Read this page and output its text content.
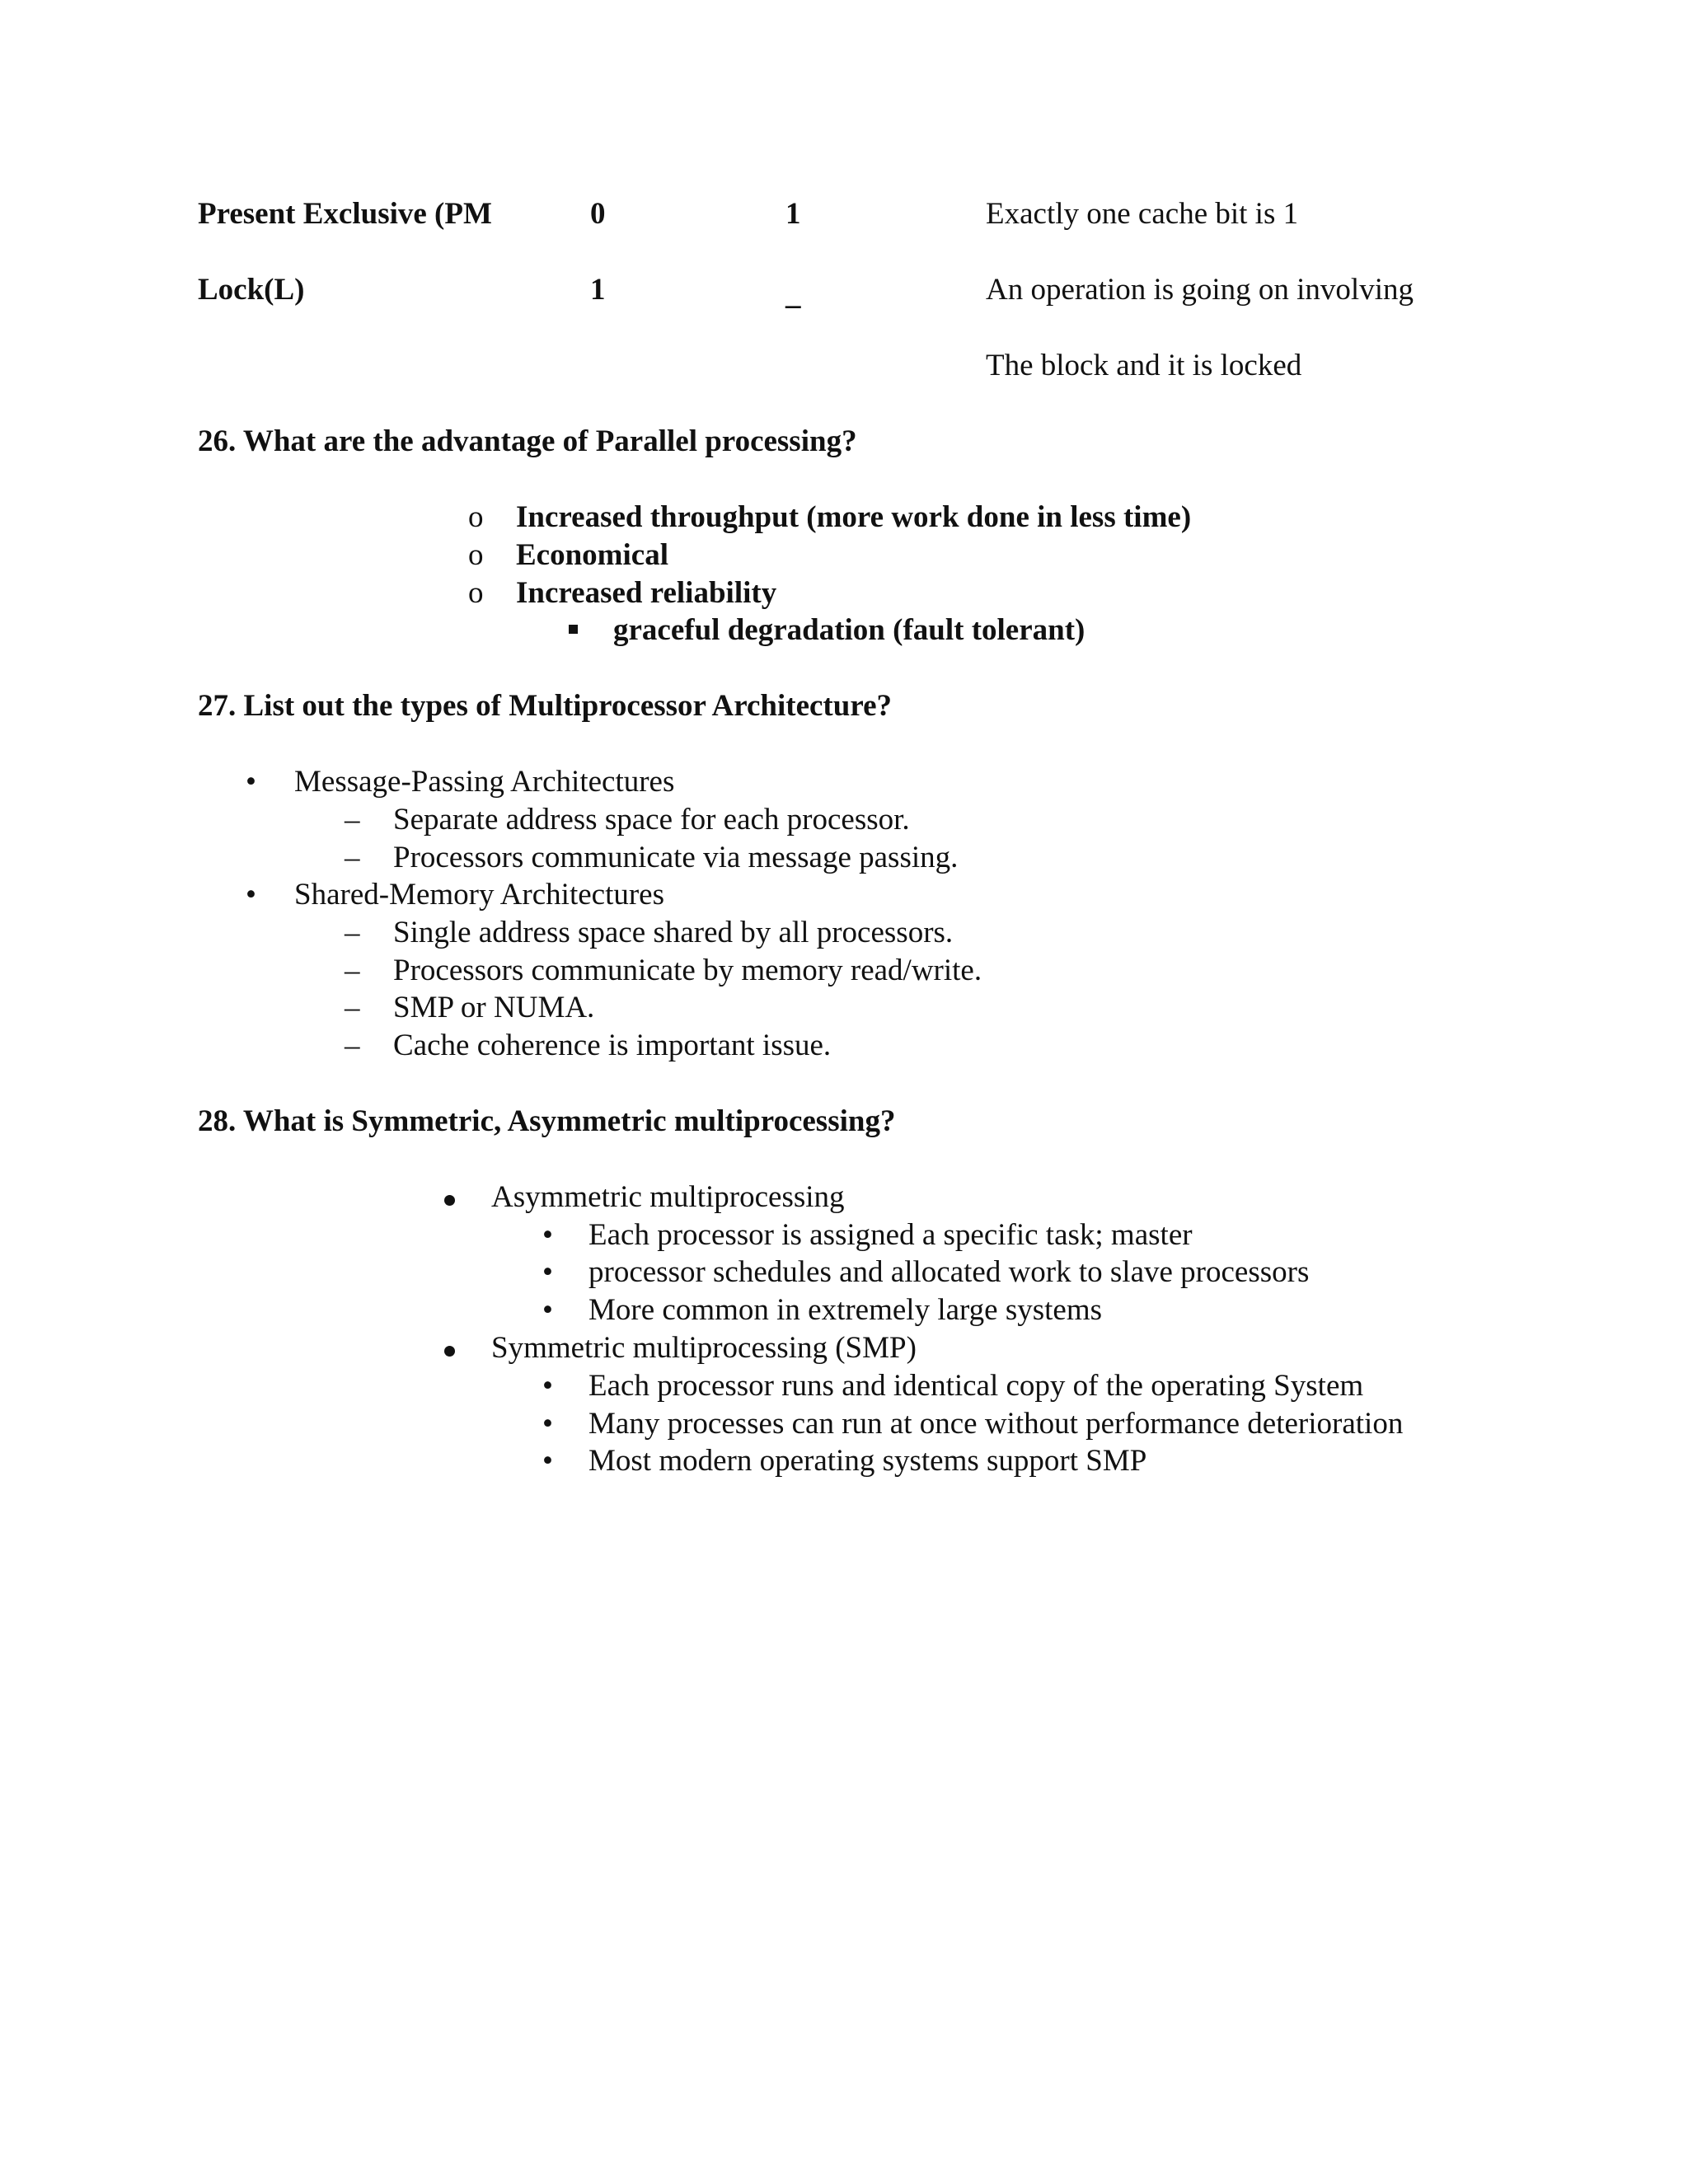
Present Exclusive (PM	0	1	Exactly one cache bit is 1
Lock(L)	1	_	An operation is going on involving
The block and it is locked
26. What are the advantage of Parallel processing?
o Increased throughput (more work done in less time)
o Economical
o Increased reliability
graceful degradation (fault tolerant)
27. List out the types of Multiprocessor Architecture?
• Message-Passing Architectures
– Separate address space for each processor.
– Processors communicate via message passing.
• Shared-Memory Architectures
– Single address space shared by all processors.
– Processors communicate by memory read/write.
– SMP or NUMA.
– Cache coherence is important issue.
28. What is Symmetric, Asymmetric multiprocessing?
Asymmetric multiprocessing
• Each processor is assigned a specific task; master
• processor schedules and allocated work to slave processors
• More common in extremely large systems
Symmetric multiprocessing (SMP)
• Each processor runs and identical copy of the operating System
• Many processes can run at once without performance deterioration
• Most modern operating systems support SMP
